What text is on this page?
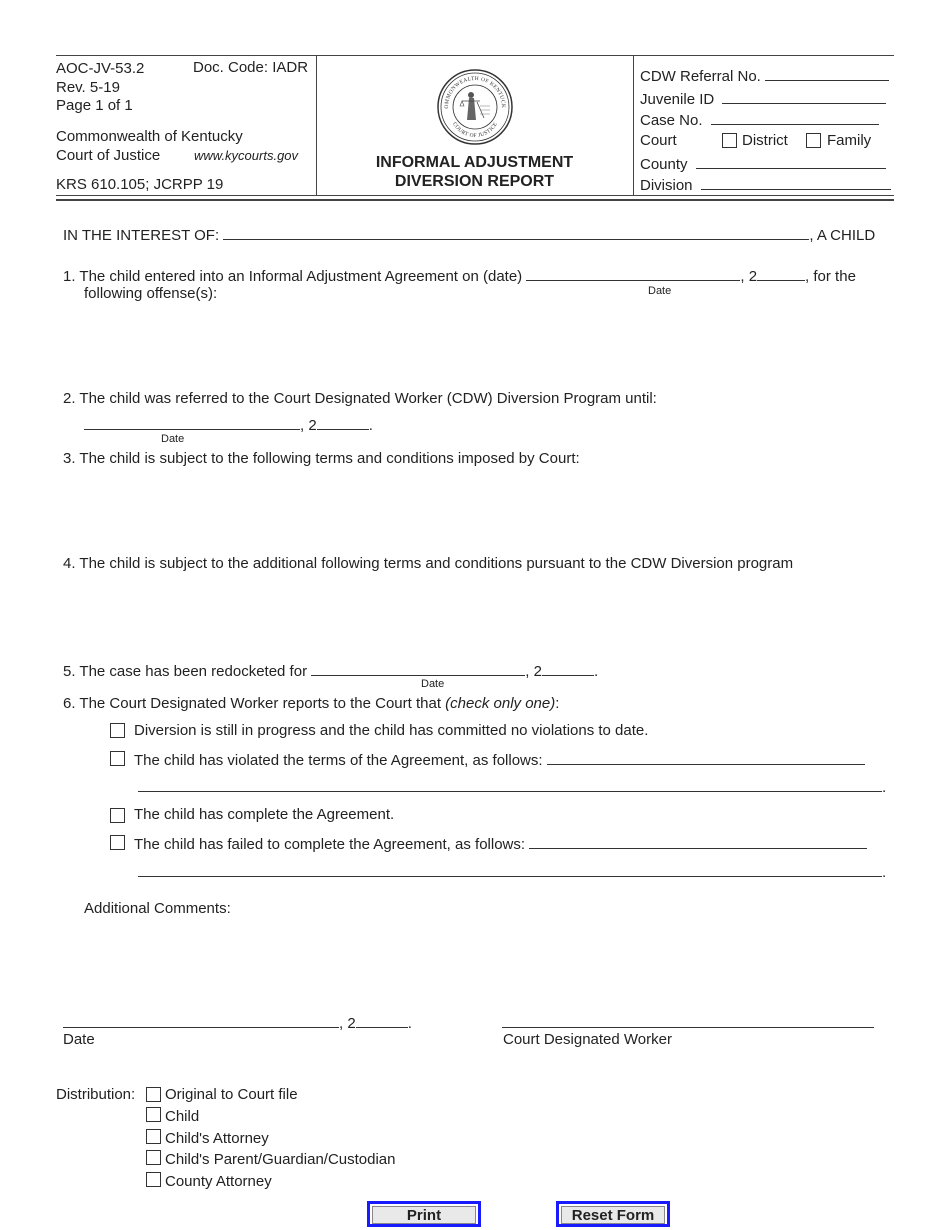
AOC-JV-53.2	Doc. Code: IADR
Rev. 5-19
Page 1 of 1
Commonwealth of Kentucky
Court of Justice	www.kycourts.gov
KRS 610.105; JCRPP 19
OMMONWEALTH OF KENTUCK
COURT OF JUSTICE
INFORMAL ADJUSTMENT
DIVERSION REPORT
CDW Referral No.
Juvenile ID
Case No.
Court	District	Family
County
Division
IN THE INTEREST OF:	, A CHILD
1. The child entered into an Informal Adjustment Agreement on (date)	, 2	, for the
Date
following offense(s):
2. The child was referred to the Court Designated Worker (CDW) Diversion Program until:
, 2	.
Date
3. The child is subject to the following terms and conditions imposed by Court:
4. The child is subject to the additional following terms and conditions pursuant to the CDW Diversion program
5. The case has been redocketed for	, 2	.
Date
6. The Court Designated Worker reports to the Court that (check only one):
Diversion is still in progress and the child has committed no violations to date.
The child has violated the terms of the Agreement, as follows:
.
The child has complete the Agreement.
The child has failed to complete the Agreement, as follows:
.
Additional Comments:
, 2	.
Date	Court Designated Worker
Distribution: Original to Court file
Child
Child's Attorney
Child's Parent/Guardian/Custodian
County Attorney
Print	Reset Form
